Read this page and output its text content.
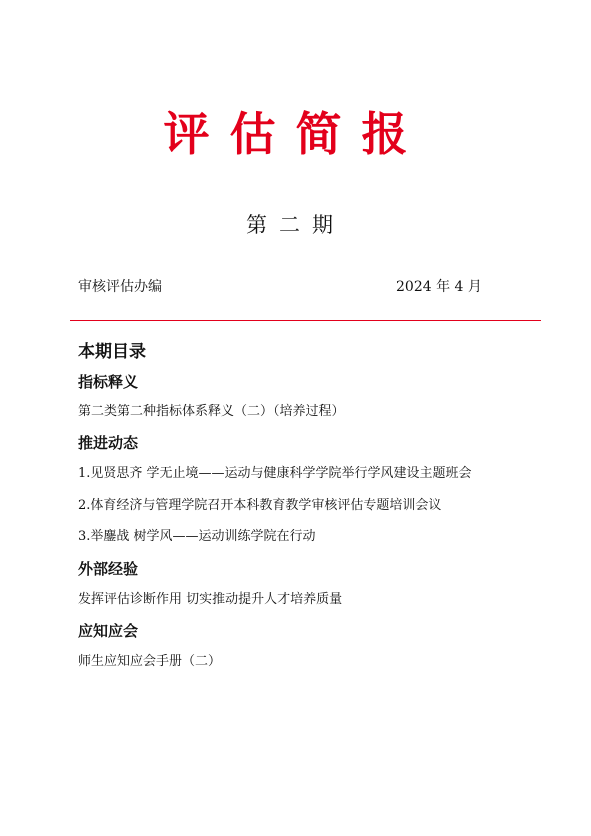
评估简报
第二期
审核评估办编	2024 年 4 月
本期目录
指标释义
第二类第二种指标体系释义（二）（培养过程）
推进动态
1.见贤思齐 学无止境——运动与健康科学学院举行学风建设主题班会
2.体育经济与管理学院召开本科教育教学审核评估专题培训会议
3.举鏖战 树学风——运动训练学院在行动
外部经验
发挥评估诊断作用 切实推动提升人才培养质量
应知应会
师生应知应会手册（二）
